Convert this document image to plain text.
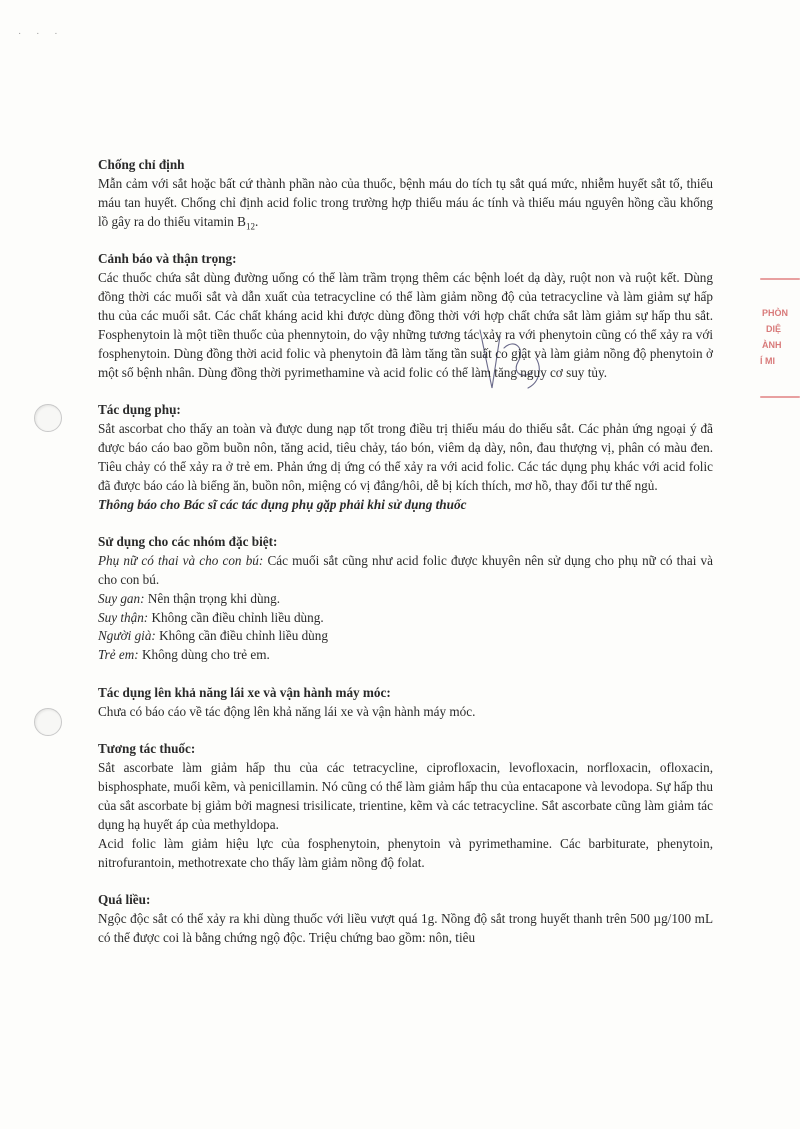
· · ·
PHÒN
DIỆ
ÀNH
Í MI
Chống chỉ định
Mẫn cảm với sắt hoặc bất cứ thành phần nào của thuốc, bệnh máu do tích tụ sắt quá mức, nhiễm huyết sắt tố, thiếu máu tan huyết. Chống chỉ định acid folic trong trường hợp thiếu máu ác tính và thiếu máu nguyên hồng cầu khổng lồ gây ra do thiếu vitamin $B_{12}$.
Cảnh báo và thận trọng:
Các thuốc chứa sắt dùng đường uống có thể làm trầm trọng thêm các bệnh loét dạ dày, ruột non và ruột kết. Dùng đồng thời các muối sắt và dẫn xuất của tetracycline có thể làm giảm nồng độ của tetracycline và làm giảm sự hấp thu của các muối sắt. Các chất kháng acid khi được dùng đồng thời với hợp chất chứa sắt làm giảm sự hấp thu sắt. Fosphenytoin là một tiền thuốc của phennytoin, do vậy những tương tác xảy ra với phenytoin cũng có thể xảy ra với fosphenytoin. Dùng đồng thời acid folic và phenytoin đã làm tăng tần suất co giật và làm giảm nồng độ phenytoin ở một số bệnh nhân. Dùng đồng thời pyrimethamine và acid folic có thể làm tăng nguy cơ suy tủy.
Tác dụng phụ:
Sắt ascorbat cho thấy an toàn và được dung nạp tốt trong điều trị thiếu máu do thiếu sắt. Các phản ứng ngoại ý đã được báo cáo bao gồm buồn nôn, tăng acid, tiêu chảy, táo bón, viêm dạ dày, nôn, đau thượng vị, phân có màu đen. Tiêu chảy có thể xảy ra ở trẻ em. Phản ứng dị ứng có thể xảy ra với acid folic. Các tác dụng phụ khác với acid folic đã được báo cáo là biếng ăn, buồn nôn, miệng có vị đắng/hôi, dễ bị kích thích, mơ hồ, thay đổi tư thế ngủ.
Thông báo cho Bác sĩ các tác dụng phụ gặp phải khi sử dụng thuốc
Sử dụng cho các nhóm đặc biệt:
Phụ nữ có thai và cho con bú: Các muối sắt cũng như acid folic được khuyên nên sử dụng cho phụ nữ có thai và cho con bú.
Suy gan: Nên thận trọng khi dùng.
Suy thận: Không cần điều chỉnh liều dùng.
Người già: Không cần điều chỉnh liều dùng
Trẻ em: Không dùng cho trẻ em.
Tác dụng lên khả năng lái xe và vận hành máy móc:
Chưa có báo cáo về tác động lên khả năng lái xe và vận hành máy móc.
Tương tác thuốc:
Sắt ascorbate làm giảm hấp thu của các tetracycline, ciprofloxacin, levofloxacin, norfloxacin, ofloxacin, bisphosphate, muối kẽm, và penicillamin. Nó cũng có thể làm giảm hấp thu của entacapone và levodopa. Sự hấp thu của sắt ascorbate bị giảm bởi magnesi trisilicate, trientine, kẽm và các tetracycline. Sắt ascorbate cũng làm giảm tác dụng hạ huyết áp của methyldopa.
Acid folic làm giảm hiệu lực của fosphenytoin, phenytoin và pyrimethamine. Các barbiturate, phenytoin, nitrofurantoin, methotrexate cho thấy làm giảm nồng độ folat.
Quá liều:
Ngộc độc sắt có thể xảy ra khi dùng thuốc với liều vượt quá 1g. Nồng độ sắt trong huyết thanh trên 500 µg/100 mL có thể được coi là bằng chứng ngộ độc. Triệu chứng bao gồm: nôn, tiêu
